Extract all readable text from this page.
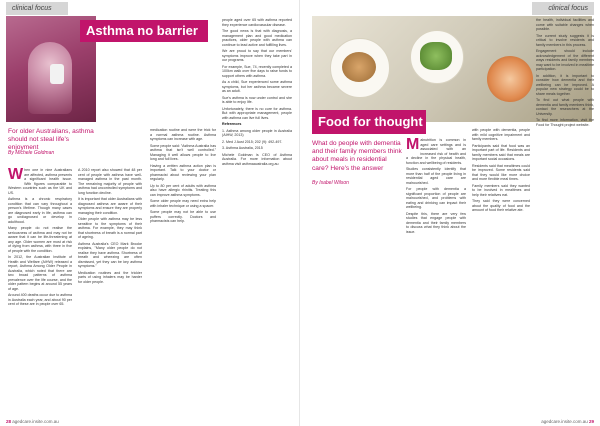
clinical focus
Asthma no barrier
For older Australians, asthma should not steal life's enjoyment
By Michele Goldman

When one in nine Australians are affected, asthma presents a significant health issue. With figures comparable to Western countries such as the UK and US.

Asthma is a chronic respiratory condition that can vary throughout a person's lifetime. Though many cases are diagnosed early in life, asthma can go undiagnosed or develop in adulthood.

Many people do not realise the seriousness of asthma and may not be aware that it can be life-threatening at any age. Older women are most at risk of dying from asthma, with three in five of people with the condition.

In 2012, the Australian Institute of Health and Welfare (AIHW) released a report, Asthma Among Older People in Australia, which noted that there are two broad patterns of asthma prevalence over the life course, and the older pattern begins at around 55 years of age.

Around 400 deaths occur due to asthma in Australia each year, and about 90 per cent of these are in people over 65.

A 2010 report also showed that 48 per cent of people with asthma have well-managed asthma in the past month. The remaining majority of people with asthma had uncontrolled symptoms and lung function decline.

It is important that older Australians with diagnosed asthma are aware of their symptoms and ensure they are properly managing their condition.

Older people with asthma may be less sensitive to the symptoms of their asthma. For example, they may think that shortness of breath is a normal part of ageing.

Asthma Australia's CEO Mark Brooke explains, "Many older people do not realise they have asthma. Shortness of breath and wheezing are often dismissed, yet they can be key asthma symptoms."

Medication routines and the trickier parts of using inhalers may be harder for older people.

medication routine and were the trick for a normal asthma routine. Asthma symptoms can increase with age.

Some people said: "Asthma Australia has asthma that isn't well controlled." Managing it well allows people to live long and full lives.

Having a written asthma action plan is important. Talk to your doctor or pharmacist about reviewing your plan regularly.

Up to 80 per cent of adults with asthma also have allergic rhinitis. Treating this can improve asthma symptoms.

Some older people may need extra help with inhaler technique or using a spacer.

Some people may not be able to use puffers correctly. Doctors and pharmacists can help.

people aged over 65 with asthma reported they experience cardiovascular disease.

The good news is that with diagnosis, a management plan and good medication practices, older people with asthma can continue to lead active and fulfilling lives.

We are proud to say that our members' symptoms improve when they take part in our programs.

For example, Sue, 74, recently completed a 100km walk over five days to raise funds to support others with asthma.

As a child, Sue experienced some asthma symptoms, but her asthma became severe as an adult.

Sue's asthma is now under control and she is able to enjoy life.

Unfortunately, there is no cure for asthma. But with appropriate management, people with asthma can live full lives.

References

1. Asthma among older people in Australia (AIHW, 2013)

2. Med J Aust 2015; 202 (9): 492-497.

3. Asthma Australia, 2015

Michele Goldman is CEO of Asthma Australia. For more information about asthma visit asthmaaustralia.org.au

28 agedcare.insite.com.au
clinical focus
Food for thought
What do people with dementia and their family members think about meals in residential care? Here's the answer
By Isabel Wilson

Malnutrition is common in aged care settings and is associated with an increased risk of health and a decline in the physical health, function and wellbeing of residents.

Studies consistently identify that more than half of the people living in residential aged care are malnourished.

For people with dementia a significant proportion of people are malnourished, and problems with eating and drinking can impact their wellbeing.

Despite this, there are very few studies that engage people with dementia and their family members to discuss what they think about the issue.

with people with dementia, people with mild cognitive impairment and family members.

Participants said that food was an important part of life. Residents and family members said that meals are important social occasions.

Residents said that mealtimes could be improved. Some residents said that they would like more choice and more flexible meal times.

Family members said they wanted to be involved in mealtimes and help their relatives eat.

They said they were concerned about the quality of food and the amount of food their relative ate.

the health, individual facilities and come with suitable changes when possible.

The current study suggests it is critical to involve residents and family members in this process.

Engagement should include acknowledgement of the different ways residents and family members may want to be involved in mealtime participation.

In addition, it is important to consider how dementia and their wellbeing can be improved. A popular new strategy could be to share meals together.

To find out what people with dementia and family members think, contact the researchers at the University.

To find more information, visit the Food for Thought project website.

agedcare.insite.com.au 29
